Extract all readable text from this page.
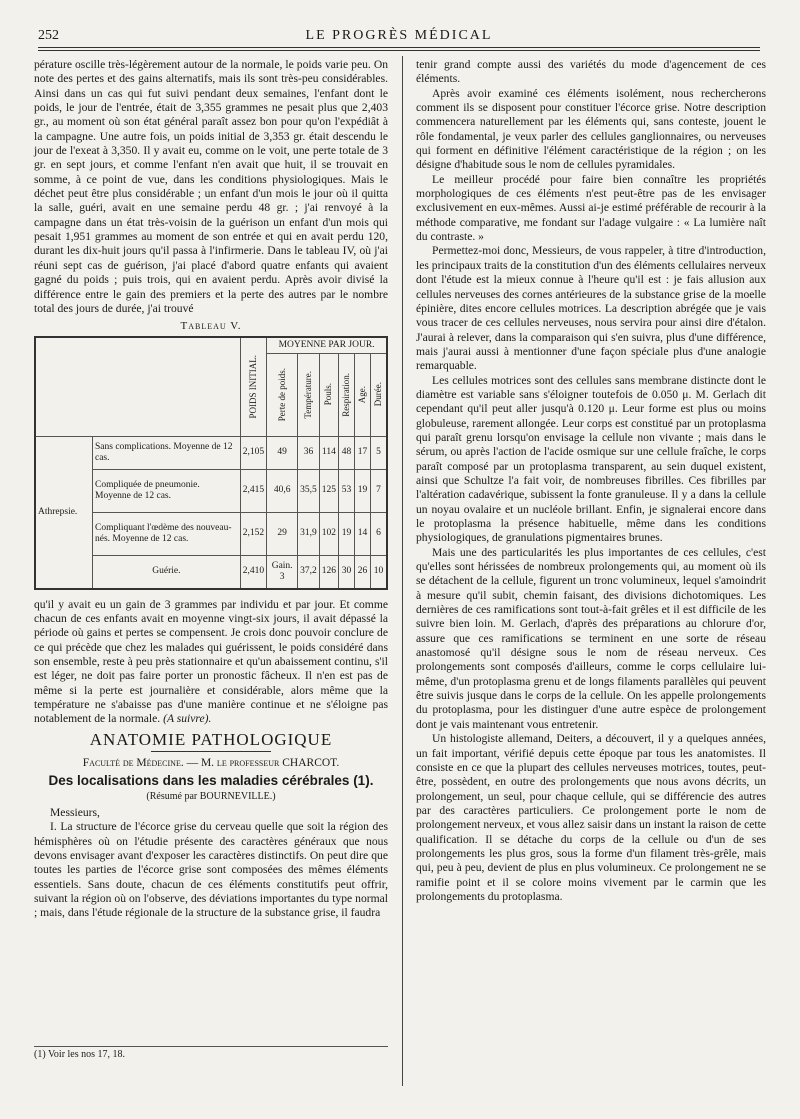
252	LE PROGRÈS MÉDICAL

pérature oscille très-légèrement autour de la normale, le poids varie peu. On note des pertes et des gains alternatifs, mais ils sont très-peu considérables. Ainsi dans un cas qui fut suivi pendant deux semaines, l'enfant dont le poids, le jour de l'entrée, était de 3,355 grammes ne pesait plus que 2,403 gr., au moment où son état général paraît assez bon pour qu'on l'expédiât à la campagne. Une autre fois, un poids initial de 3,353 gr. était descendu le jour de l'exeat à 3,350. Il y avait eu, comme on le voit, une perte totale de 3 gr. en sept jours, et comme l'enfant n'en avait que huit, il se trouvait en somme, à ce point de vue, dans les conditions physiologiques. Mais le déchet peut être plus considérable ; un enfant d'un mois le jour où il quitta la salle, guéri, avait en une semaine perdu 48 gr. ; j'ai renvoyé à la campagne dans un état très-voisin de la guérison un enfant d'un mois qui pesait 1,951 grammes au moment de son entrée et qui en avait perdu 120, durant les dix-huit jours qu'il passa à l'infirmerie. Dans le tableau IV, où j'ai réuni sept cas de guérison, j'ai placé d'abord quatre enfants qui avaient gagné du poids ; puis trois, qui en avaient perdu. Après avoir divisé la différence entre le gain des premiers et la perte des autres par le nombre total des jours de durée, j'ai trouvé

Tableau V.

		POIDS INITIAL.	MOYENNE PAR JOUR.					

			Perte de poids.	Température.	Pouls.	Respiration.	Age.	Durée.

Athrepsie.	Sans complications. Moyenne de 12 cas.	2,105	49	36	114	48	17	5
	Compliquée de pneumonie. Moyenne de 12 cas.	2,415	40,6	35,5	125	53	19	7
	Compliquant l'œdème des nouveau-nés. Moyenne de 12 cas.	2,152	29	31,9	102	19	14	6
	Guérie.	2,410	Gain. 3	37,2	126	30	26	10

qu'il y avait eu un gain de 3 grammes par individu et par jour. Et comme chacun de ces enfants avait en moyenne vingt-six jours, il avait dépassé la période où gains et pertes se compensent. Je crois donc pouvoir conclure de ce qui précède que chez les malades qui guérissent, le poids considéré dans son ensemble, reste à peu près stationnaire et qu'un abaissement continu, s'il est léger, ne doit pas faire porter un pronostic fâcheux. Il n'en est pas de même si la perte est journalière et considérable, alors même que la température ne s'abaisse pas d'une manière continue et ne s'éloigne pas notablement de la normale. (A suivre).

ANATOMIE PATHOLOGIQUE
Faculté de Médecine. — M. le professeur CHARCOT.
Des localisations dans les maladies cérébrales (1).
(Résumé par BOURNEVILLE.)

Messieurs,

I. La structure de l'écorce grise du cerveau quelle que soit la région des hémisphères où on l'étudie présente des caractères généraux que nous devons envisager avant d'exposer les caractères distinctifs. On peut dire que toutes les parties de l'écorce grise sont composées des mêmes éléments essentiels. Sans doute, chacun de ces éléments constitutifs peut offrir, suivant la région où on l'observe, des déviations importantes du type normal ; mais, dans l'étude régionale de la structure de la substance grise, il faudra

(1) Voir les nos 17, 18.

tenir grand compte aussi des variétés du mode d'agencement de ces éléments.

Après avoir examiné ces éléments isolément, nous rechercherons comment ils se disposent pour constituer l'écorce grise. Notre description commencera naturellement par les éléments qui, sans conteste, jouent le rôle fondamental, je veux parler des cellules ganglionnaires, ou nerveuses qui forment en définitive l'élément caractéristique de la région ; on les désigne d'habitude sous le nom de cellules pyramidales.

Le meilleur procédé pour faire bien connaître les propriétés morphologiques de ces éléments n'est peut-être pas de les envisager exclusivement en eux-mêmes. Aussi ai-je estimé préférable de recourir à la méthode comparative, me fondant sur l'adage vulgaire : « La lumière naît du contraste. »

Permettez-moi donc, Messieurs, de vous rappeler, à titre d'introduction, les principaux traits de la constitution d'un des éléments cellulaires nerveux dont l'étude est la mieux connue à l'heure qu'il est : je fais allusion aux cellules nerveuses des cornes antérieures de la substance grise de la moelle épinière, dites encore cellules motrices. La description abrégée que je vais vous tracer de ces cellules nerveuses, nous servira pour ainsi dire d'étalon. J'aurai à relever, dans la comparaison qui s'en suivra, plus d'une différence, mais j'aurai aussi à mentionner d'une façon spéciale plus d'une analogie remarquable.

Les cellules motrices sont des cellules sans membrane distincte dont le diamètre est variable sans s'éloigner toutefois de 0.050 μ. M. Gerlach dit cependant qu'il peut aller jusqu'à 0.120 μ. Leur forme est plus ou moins globuleuse, rarement allongée. Leur corps est constitué par un protoplasma qui paraît grenu lorsqu'on envisage la cellule non vivante ; mais dans le sérum, ou après l'action de l'acide osmique sur une cellule fraîche, le corps paraît composé par un protoplasma transparent, au sein duquel existent, ainsi que Schultze l'a fait voir, de nombreuses fibrilles. Ces fibrilles par l'altération cadavérique, subissent la fonte granuleuse. Il y a dans la cellule un noyau ovalaire et un nucléole brillant. Enfin, je signalerai encore dans le protoplasma la présence habituelle, même dans les conditions physiologiques, de granulations pigmentaires brunes.

Mais une des particularités les plus importantes de ces cellules, c'est qu'elles sont hérissées de nombreux prolongements qui, au moment où ils se détachent de la cellule, figurent un tronc volumineux, lequel s'amoindrit à mesure qu'il subit, chemin faisant, des divisions dichotomiques. Les dernières de ces ramifications sont tout-à-fait grêles et il est difficile de les suivre bien loin. M. Gerlach, d'après des préparations au chlorure d'or, assure que ces ramifications se terminent en une sorte de réseau anastomosé qu'il désigne sous le nom de réseau nerveux. Ces prolongements sont composés d'ailleurs, comme le corps cellulaire lui-même, d'un protoplasma grenu et de longs filaments parallèles qui peuvent être suivis jusque dans le corps de la cellule. On les appelle prolongements du protoplasma, pour les distinguer d'une autre espèce de prolongement dont je vais maintenant vous entretenir.

Un histologiste allemand, Deiters, a découvert, il y a quelques années, un fait important, vérifié depuis cette époque par tous les anatomistes. Il consiste en ce que la plupart des cellules nerveuses motrices, toutes, peut-être, possèdent, en outre des prolongements que nous avons décrits, un prolongement, un seul, pour chaque cellule, qui se différencie des autres par des caractères particuliers. Ce prolongement porte le nom de prolongement nerveux, et vous allez saisir dans un instant la raison de cette qualification. Il se détache du corps de la cellule ou d'un de ses prolongements les plus gros, sous la forme d'un filament très-grêle, mais qui, peu à peu, devient de plus en plus volumineux. Ce prolongement ne se ramifie point et il se colore moins vivement par le carmin que les prolongements du protoplasma.
